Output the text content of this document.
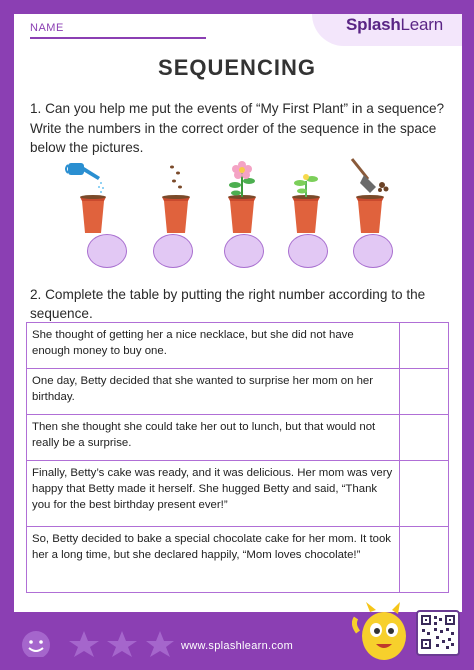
NAME	SplashLearn
SEQUENCING
1. Can you help me put the events of “My First Plant” in a sequence? Write the numbers in the correct order of the sequence in the space below the pictures.
2. Complete the table by putting the right number according to the sequence.
She thought of getting her a nice necklace, but she did not have enough money to buy one.	
One day, Betty decided that she wanted to surprise her mom on her birthday.	
Then she thought she could take her out to lunch, but that would not really be a surprise.	
Finally, Betty’s cake was ready, and it was delicious. Her mom was very happy that Betty made it herself. She hugged Betty and said, “Thank you for the best birthday present ever!”	
So, Betty decided to bake a special chocolate cake for her mom. It took her a long time, but she declared happily, “Mom loves chocolate!”	
www.splashlearn.com
